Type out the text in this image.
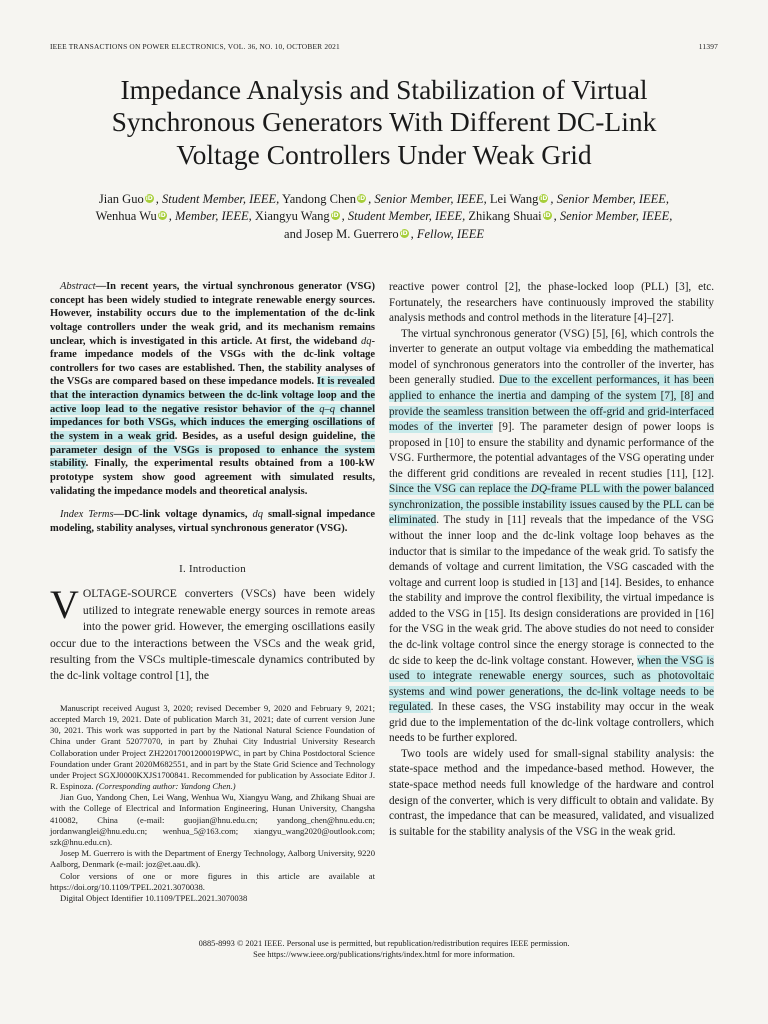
IEEE TRANSACTIONS ON POWER ELECTRONICS, VOL. 36, NO. 10, OCTOBER 2021	11397
Impedance Analysis and Stabilization of Virtual
Synchronous Generators With Different DC-Link
Voltage Controllers Under Weak Grid
Jian Guo iD , Student Member, IEEE, Yandong Chen iD , Senior Member, IEEE, Lei Wang iD , Senior Member, IEEE,
Wenhua Wu iD , Member, IEEE, Xiangyu Wang iD , Student Member, IEEE, Zhikang Shuai iD , Senior Member, IEEE,
and Josep M. Guerrero iD , Fellow, IEEE

Abstract—In recent years, the virtual synchronous generator (VSG) concept has been widely studied to integrate renewable energy sources. However, instability occurs due to the implementation of the dc-link voltage controllers under the weak grid, and its mechanism remains unclear, which is investigated in this article. At first, the wideband dq-frame impedance models of the VSGs with the dc-link voltage controllers for two cases are established. Then, the stability analyses of the VSGs are compared based on these impedance models. It is revealed that the interaction dynamics between the dc-link voltage loop and the active loop lead to the negative resistor behavior of the q–q channel impedances for both VSGs, which induces the emerging oscillations of the system in a weak grid. Besides, as a useful design guideline, the parameter design of the VSGs is proposed to enhance the system stability. Finally, the experimental results obtained from a 100-kW prototype system show good agreement with simulated results, validating the impedance models and theoretical analysis.

Index Terms—DC-link voltage dynamics, dq small-signal impedance modeling, stability analyses, virtual synchronous generator (VSG).

I. Introduction

VOLTAGE-SOURCE converters (VSCs) have been widely utilized to integrate renewable energy sources in remote areas into the power grid. However, the emerging oscillations easily occur due to the interactions between the VSCs and the weak grid, resulting from the VSCs multiple-timescale dynamics contributed by the dc-link voltage control [1], the

Manuscript received August 3, 2020; revised December 9, 2020 and February 9, 2021; accepted March 19, 2021. Date of publication March 31, 2021; date of current version June 30, 2021. This work was supported in part by the National Natural Science Foundation of China under Grant 52077070, in part by Zhuhai City Industrial University Research Collaboration under Project ZH22017001200019PWC, in part by China Postdoctoral Science Foundation under Grant 2020M682551, and in part by the State Grid Science and Technology under Project SGXJ0000KXJS1700841. Recommended for publication by Associate Editor J. R. Espinoza. (Corresponding author: Yandong Chen.)

Jian Guo, Yandong Chen, Lei Wang, Wenhua Wu, Xiangyu Wang, and Zhikang Shuai are with the College of Electrical and Information Engineering, Hunan University, Changsha 410082, China (e-mail: guojian@hnu.edu.cn; yandong_chen@hnu.edu.cn; jordanwanglei@hnu.edu.cn; wenhua_5@163.com; xiangyu_wang2020@outlook.com; szk@hnu.edu.cn).

Josep M. Guerrero is with the Department of Energy Technology, Aalborg University, 9220 Aalborg, Denmark (e-mail: joz@et.aau.dk).

Color versions of one or more figures in this article are available at https://doi.org/10.1109/TPEL.2021.3070038.

Digital Object Identifier 10.1109/TPEL.2021.3070038

reactive power control [2], the phase-locked loop (PLL) [3], etc. Fortunately, the researchers have continuously improved the stability analysis methods and control methods in the literature [4]–[27].

The virtual synchronous generator (VSG) [5], [6], which controls the inverter to generate an output voltage via embedding the mathematical model of synchronous generators into the controller of the inverter, has been generally studied. Due to the excellent performances, it has been applied to enhance the inertia and damping of the system [7], [8] and provide the seamless transition between the off-grid and grid-interfaced modes of the inverter [9]. The parameter design of power loops is proposed in [10] to ensure the stability and dynamic performance of the VSG. Furthermore, the potential advantages of the VSG operating under the different grid conditions are revealed in recent studies [11], [12]. Since the VSG can replace the DQ-frame PLL with the power balanced synchronization, the possible instability issues caused by the PLL can be eliminated. The study in [11] reveals that the impedance of the VSG without the inner loop and the dc-link voltage loop behaves as the inductor that is similar to the impedance of the weak grid. To satisfy the demands of voltage and current limitation, the VSG cascaded with the voltage and current loop is studied in [13] and [14]. Besides, to enhance the stability and improve the control flexibility, the virtual impedance is added to the VSG in [15]. Its design considerations are provided in [16] for the VSG in the weak grid. The above studies do not need to consider the dc-link voltage control since the energy storage is connected to the dc side to keep the dc-link voltage constant. However, when the VSG is used to integrate renewable energy sources, such as photovoltaic systems and wind power generations, the dc-link voltage needs to be regulated. In these cases, the VSG instability may occur in the weak grid due to the implementation of the dc-link voltage controllers, which needs to be further explored.

Two tools are widely used for small-signal stability analysis: the state-space method and the impedance-based method. However, the state-space method needs full knowledge of the hardware and control design of the converter, which is very difficult to obtain and validate. By contrast, the impedance that can be measured, validated, and visualized is suitable for the stability analysis of the VSG in the weak grid.

0885-8993 © 2021 IEEE. Personal use is permitted, but republication/redistribution requires IEEE permission.
See https://www.ieee.org/publications/rights/index.html for more information.
